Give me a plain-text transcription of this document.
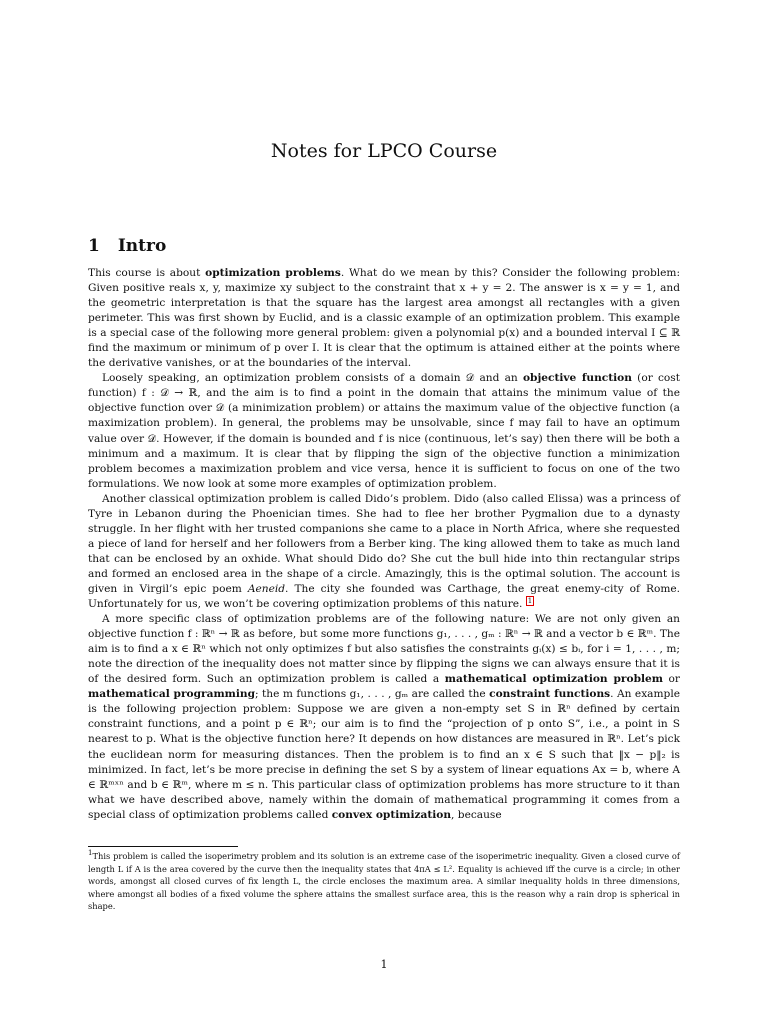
Notes for LPCO Course
1 Intro

This course is about optimization problems. What do we mean by this? Consider the following problem: Given positive reals x, y, maximize xy subject to the constraint that x + y = 2. The answer is x = y = 1, and the geometric interpretation is that the square has the largest area amongst all rectangles with a given perimeter. This was first shown by Euclid, and is a classic example of an optimization problem. This example is a special case of the following more general problem: given a polynomial p(x) and a bounded interval I ⊆ ℝ find the maximum or minimum of p over I. It is clear that the optimum is attained either at the points where the derivative vanishes, or at the boundaries of the interval.

Loosely speaking, an optimization problem consists of a domain 𝒟 and an objective function (or cost function) f : 𝒟 → ℝ, and the aim is to find a point in the domain that attains the minimum value of the objective function over 𝒟 (a minimization problem) or attains the maximum value of the objective function (a maximization problem). In general, the problems may be unsolvable, since f may fail to have an optimum value over 𝒟. However, if the domain is bounded and f is nice (continuous, let’s say) then there will be both a minimum and a maximum. It is clear that by flipping the sign of the objective function a minimization problem becomes a maximization problem and vice versa, hence it is sufficient to focus on one of the two formulations. We now look at some more examples of optimization problem.

Another classical optimization problem is called Dido’s problem. Dido (also called Elissa) was a princess of Tyre in Lebanon during the Phoenician times. She had to flee her brother Pygmalion due to a dynasty struggle. In her flight with her trusted companions she came to a place in North Africa, where she requested a piece of land for herself and her followers from a Berber king. The king allowed them to take as much land that can be enclosed by an oxhide. What should Dido do? She cut the bull hide into thin rectangular strips and formed an enclosed area in the shape of a circle. Amazingly, this is the optimal solution. The account is given in Virgil’s epic poem Aeneid. The city she founded was Carthage, the great enemy-city of Rome. Unfortunately for us, we won’t be covering optimization problems of this nature. $^1$

A more specific class of optimization problems are of the following nature: We are not only given an objective function f : ℝⁿ → ℝ as before, but some more functions g₁, . . . , gₘ : ℝⁿ → ℝ and a vector b ∈ ℝᵐ. The aim is to find a x ∈ ℝⁿ which not only optimizes f but also satisfies the constraints gᵢ(x) ≤ bᵢ, for i = 1, . . . , m; note the direction of the inequality does not matter since by flipping the signs we can always ensure that it is of the desired form. Such an optimization problem is called a mathematical optimization problem or mathematical programming; the m functions g₁, . . . , gₘ are called the constraint functions. An example is the following projection problem: Suppose we are given a non-empty set S in ℝⁿ defined by certain constraint functions, and a point p ∈ ℝⁿ; our aim is to find the “projection of p onto S”, i.e., a point in S nearest to p. What is the objective function here? It depends on how distances are measured in ℝⁿ. Let’s pick the euclidean norm for measuring distances. Then the problem is to find an x ∈ S such that ‖x − p‖₂ is minimized. In fact, let’s be more precise in defining the set S by a system of linear equations Ax = b, where A ∈ ℝᵐˣⁿ and b ∈ ℝᵐ, where m ≤ n. This particular class of optimization problems has more structure to it than what we have described above, namely within the domain of mathematical programming it comes from a special class of optimization problems called convex optimization, because

$^1$This problem is called the isoperimetry problem and its solution is an extreme case of the isoperimetric inequality. Given a closed curve of length L if A is the area covered by the curve then the inequality states that 4πA ≤ L². Equality is achieved iff the curve is a circle; in other words, amongst all closed curves of fix length L, the circle encloses the maximum area. A similar inequality holds in three dimensions, where amongst all bodies of a fixed volume the sphere attains the smallest surface area, this is the reason why a rain drop is spherical in shape.
1
